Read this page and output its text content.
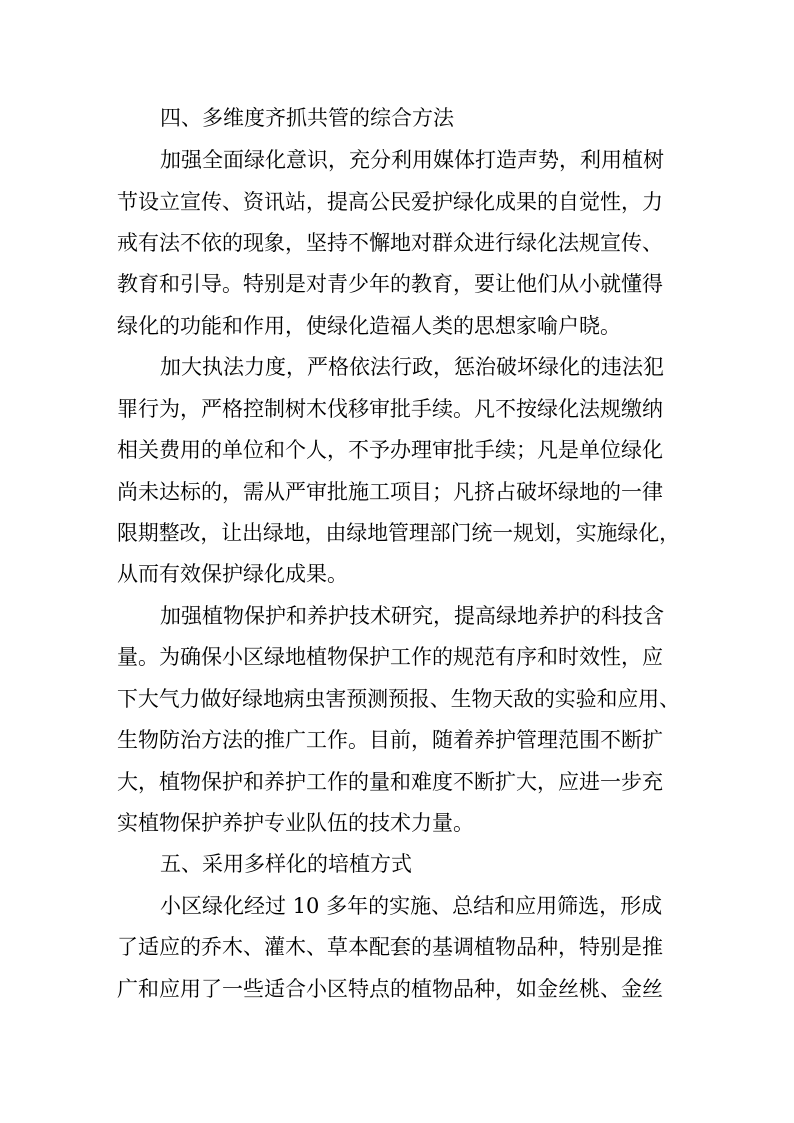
四、多维度齐抓共管的综合方法
加强全面绿化意识，充分利用媒体打造声势，利用植树
节设立宣传、资讯站，提高公民爱护绿化成果的自觉性，力
戒有法不依的现象，坚持不懈地对群众进行绿化法规宣传、
教育和引导。特别是对青少年的教育，要让他们从小就懂得
绿化的功能和作用，使绿化造福人类的思想家喻户晓。
加大执法力度，严格依法行政，惩治破坏绿化的违法犯
罪行为，严格控制树木伐移审批手续。凡不按绿化法规缴纳
相关费用的单位和个人，不予办理审批手续；凡是单位绿化
尚未达标的，需从严审批施工项目；凡挤占破坏绿地的一律
限期整改，让出绿地，由绿地管理部门统一规划，实施绿化，
从而有效保护绿化成果。
加强植物保护和养护技术研究，提高绿地养护的科技含
量。为确保小区绿地植物保护工作的规范有序和时效性，应
下大气力做好绿地病虫害预测预报、生物天敌的实验和应用、
生物防治方法的推广工作。目前，随着养护管理范围不断扩
大，植物保护和养护工作的量和难度不断扩大，应进一步充
实植物保护养护专业队伍的技术力量。
五、采用多样化的培植方式
小区绿化经过 10 多年的实施、总结和应用筛选，形成
了适应的乔木、灌木、草本配套的基调植物品种，特别是推
广和应用了一些适合小区特点的植物品种，如金丝桃、金丝
